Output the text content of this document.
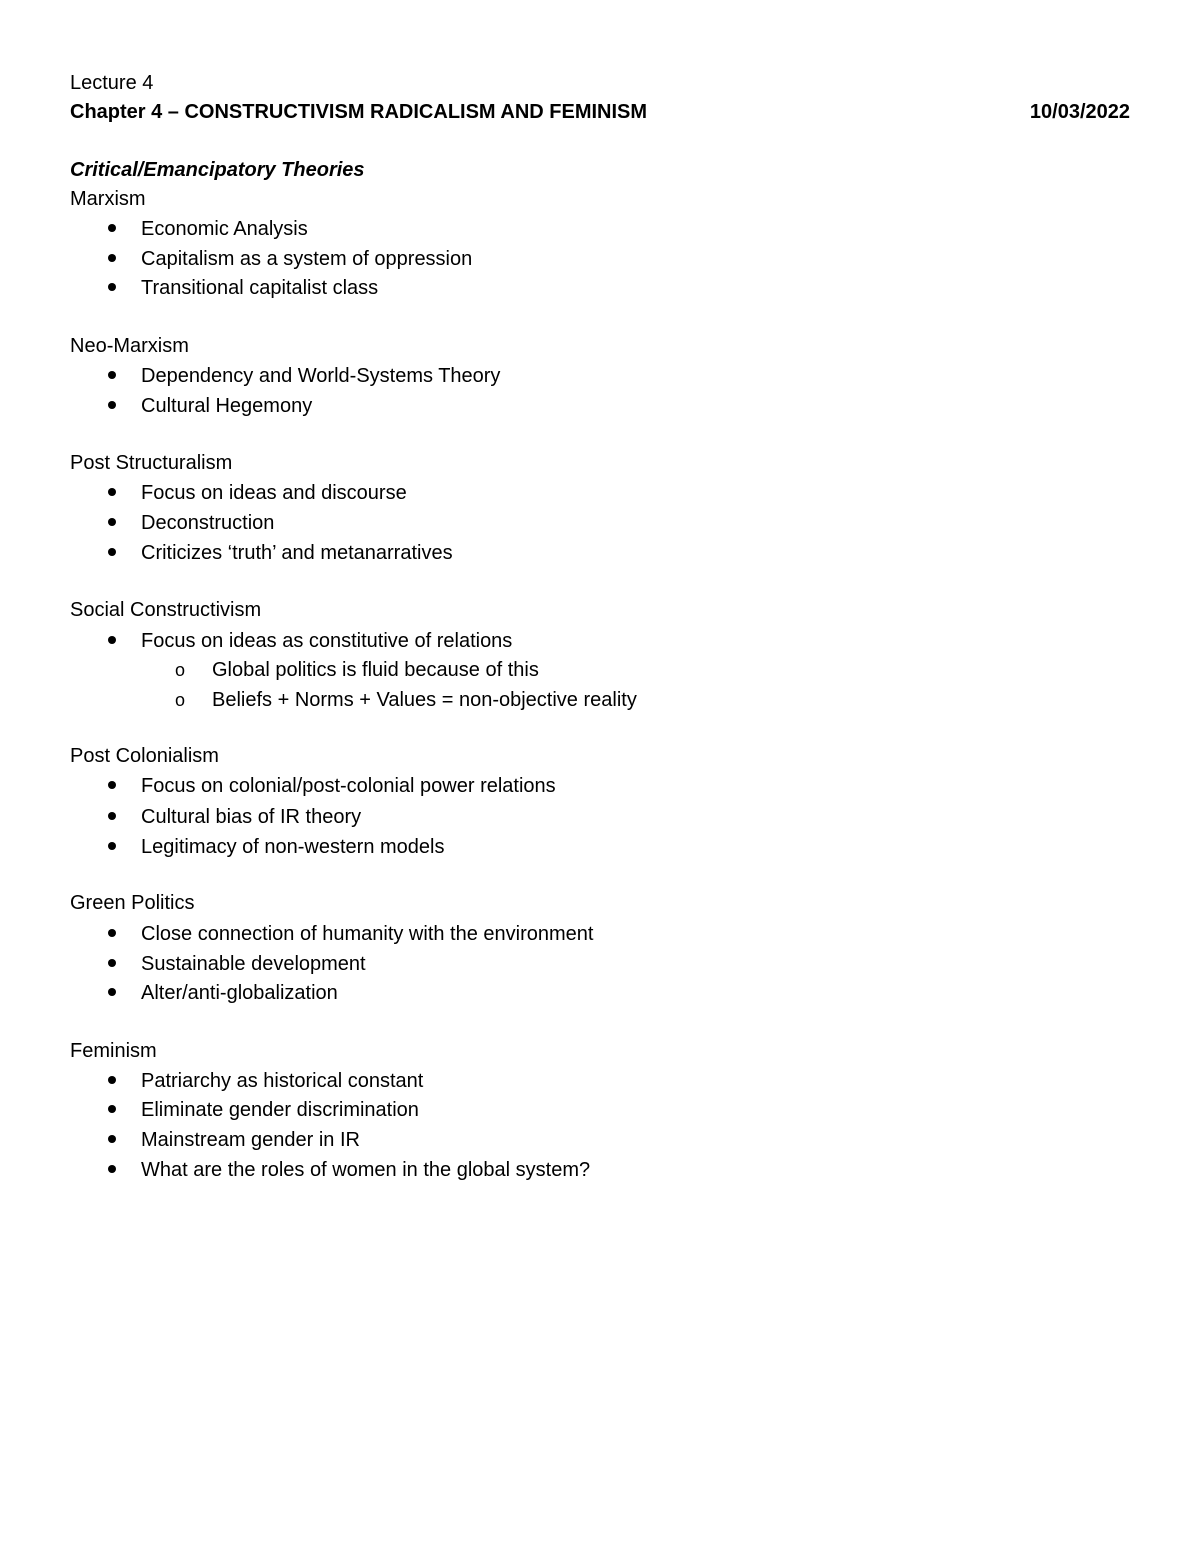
Lecture 4
Chapter 4 – CONSTRUCTIVISM RADICALISM AND FEMINISM	10/03/2022
Critical/Emancipatory Theories
Marxism
Economic Analysis
Capitalism as a system of oppression
Transitional capitalist class
Neo-Marxism
Dependency and World-Systems Theory
Cultural Hegemony
Post Structuralism
Focus on ideas and discourse
Deconstruction
Criticizes ‘truth’ and metanarratives
Social Constructivism
Focus on ideas as constitutive of relations
o Global politics is fluid because of this
o Beliefs + Norms + Values = non-objective reality
Post Colonialism
Focus on colonial/post-colonial power relations
Cultural bias of IR theory
Legitimacy of non-western models
Green Politics
Close connection of humanity with the environment
Sustainable development
Alter/anti-globalization
Feminism
Patriarchy as historical constant
Eliminate gender discrimination
Mainstream gender in IR
What are the roles of women in the global system?
